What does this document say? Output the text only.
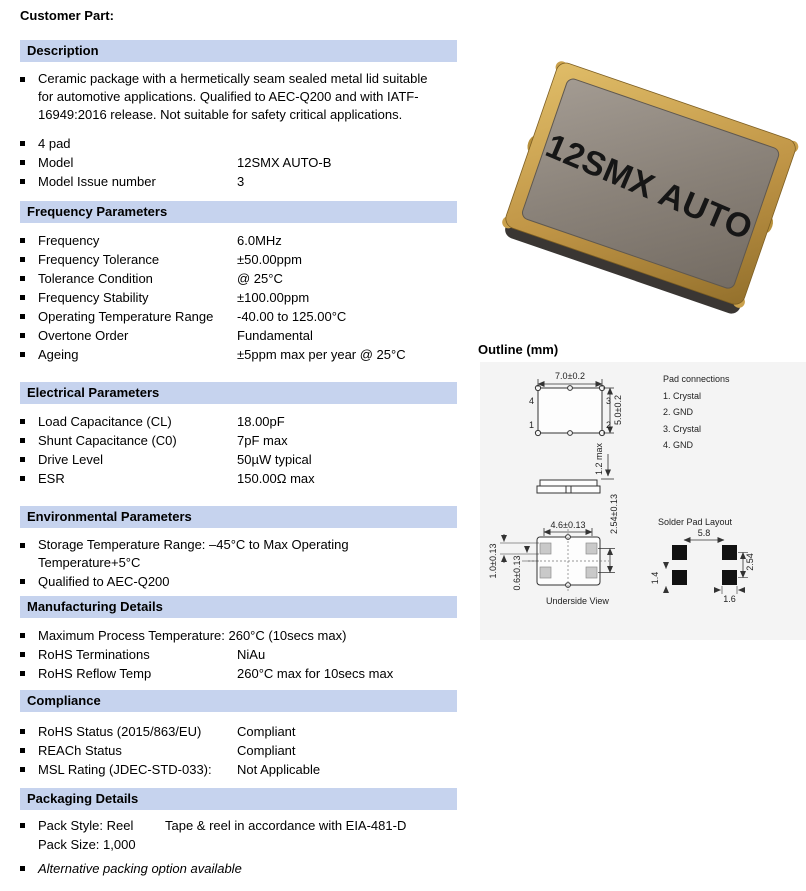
Customer Part:
Description
Ceramic package with a hermetically seam sealed metal lid suitable for automotive applications. Qualified to AEC-Q200 and with IATF-16949:2016 release. Not suitable for safety critical applications.
4 pad
Model	12SMX AUTO-B
Model Issue number	3
Frequency Parameters
Frequency	6.0MHz
Frequency Tolerance	±50.00ppm
Tolerance Condition	@ 25°C
Frequency Stability	±100.00ppm
Operating Temperature Range	-40.00 to 125.00°C
Overtone Order	Fundamental
Ageing	±5ppm max per year @ 25°C
Electrical Parameters
Load Capacitance (CL)	18.00pF
Shunt Capacitance (C0)	7pF max
Drive Level	50µW typical
ESR	150.00Ω max
Environmental Parameters
Storage Temperature Range: –45°C to Max Operating Temperature+5°C
Qualified to AEC-Q200
Manufacturing Details
Maximum Process Temperature: 260°C (10secs max)
RoHS Terminations	NiAu
RoHS Reflow Temp	260°C max for 10secs max
Compliance
RoHS Status (2015/863/EU)	Compliant
REACh Status	Compliant
MSL Rating (JDEC-STD-033):	Not Applicable
Packaging Details
Pack Style: Reel	Tape & reel in accordance with EIA-481-D
Pack Size: 1,000
Alternative packing option available
12SMX AUTO
Outline (mm)
7.0±0.2
5.0±0.2
4	3
1	2
Pad connections
1. Crystal
2. GND
3. Crystal
4. GND
1.2 max
4.6±0.13	2.54±0.13
1.0±0.13 0.6±0.13
Underside View
Solder Pad Layout
5.8
2.54
1.4
1.6
